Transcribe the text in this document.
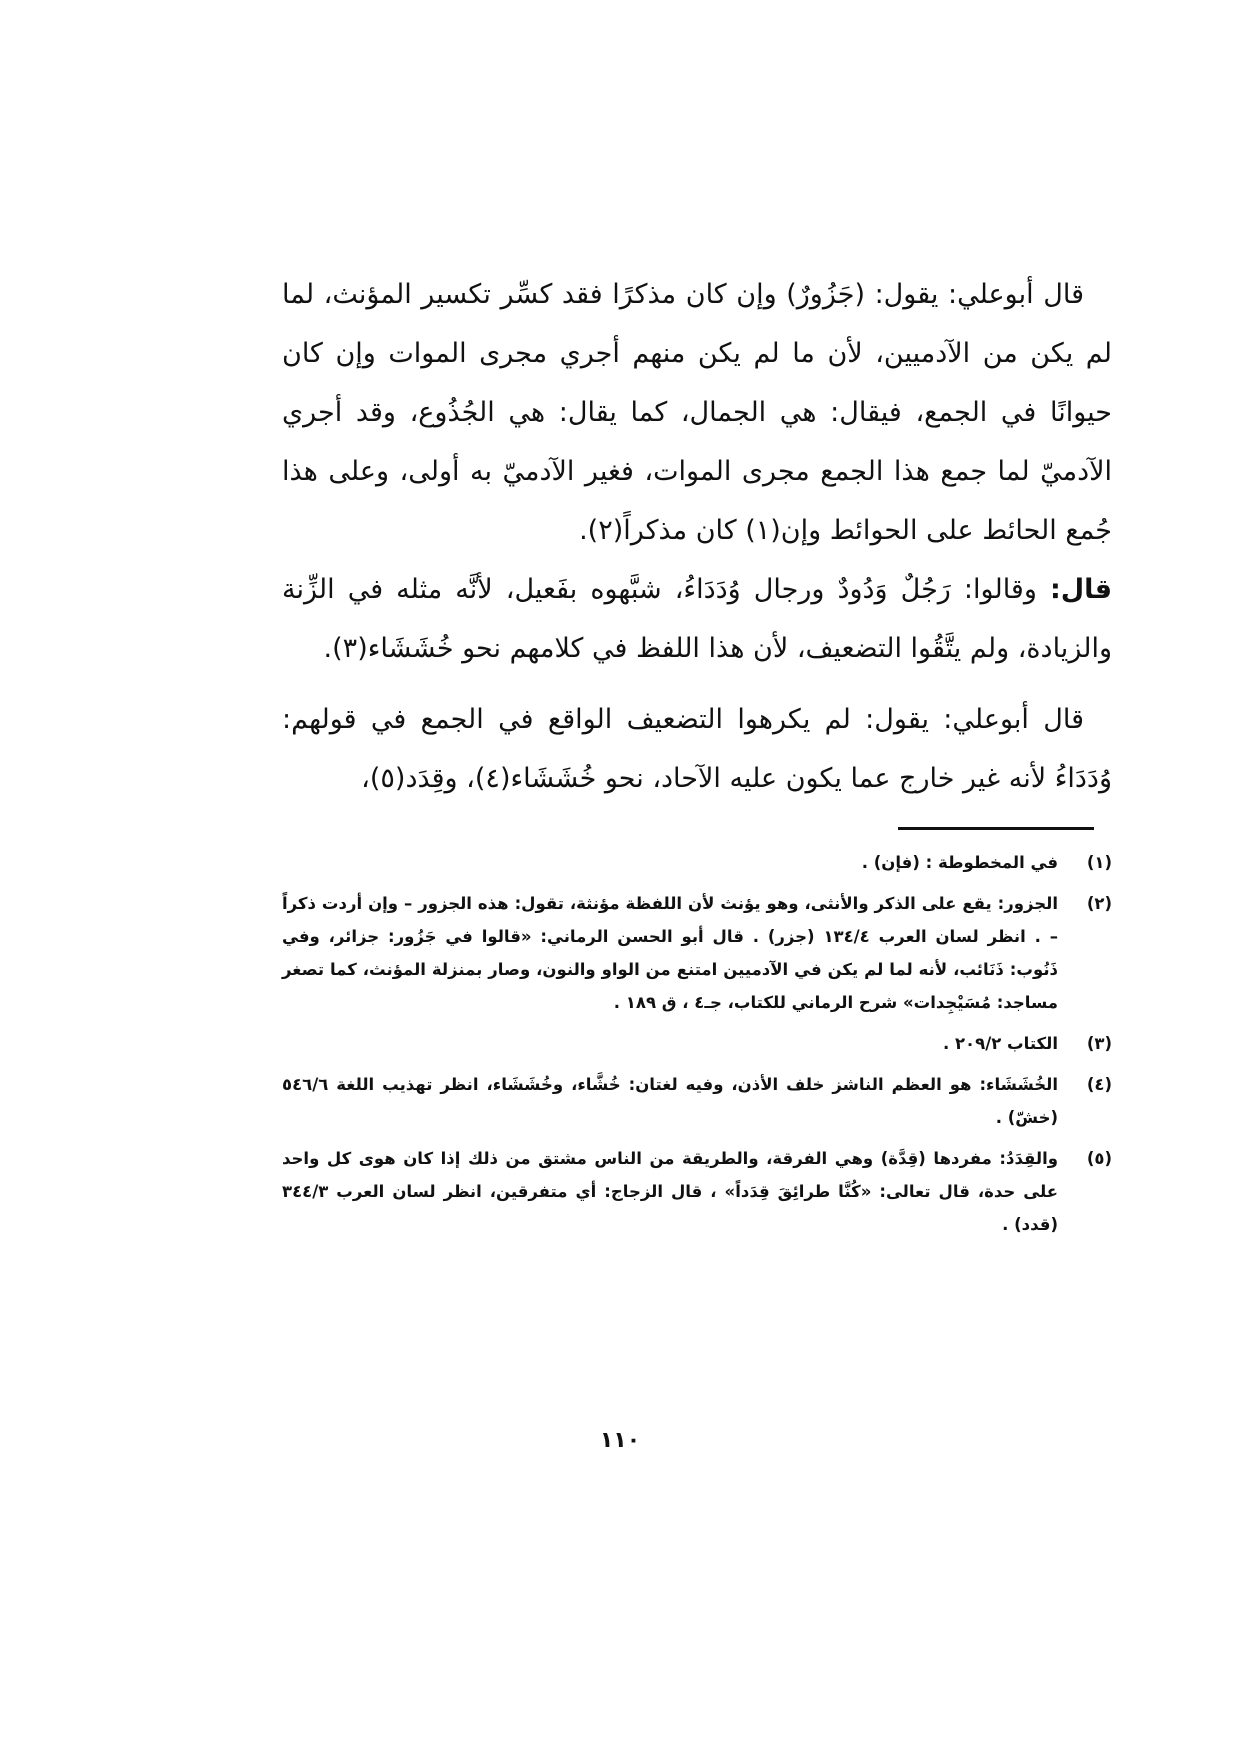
قال أبوعلي: يقول: (جَزُورٌ) وإن كان مذكرًا فقد كسِّر تكسير المؤنث، لما لم يكن من الآدميين، لأن ما لم يكن منهم أجري مجرى الموات وإن كان حيوانًا في الجمع، فيقال: هي الجمال، كما يقال: هي الجُذُوع، وقد أجري الآدميّ لما جمع هذا الجمع مجرى الموات، فغير الآدميّ به أولى، وعلى هذا جُمع الحائط على الحوائط وإن(١) كان مذكراً(٢).

قال: وقالوا: رَجُلٌ وَدُودٌ ورجال وُدَدَاءُ، شبَّهوه بفَعيل، لأنَّه مثله في الزِّنة والزيادة، ولم يتَّقُوا التضعيف، لأن هذا اللفظ في كلامهم نحو خُشَشَاء(٣).

قال أبوعلي: يقول: لم يكرهوا التضعيف الواقع في الجمع في قولهم: وُدَدَاءُ لأنه غير خارج عما يكون عليه الآحاد، نحو خُشَشَاء(٤)، وقِدَد(٥)،

(١)
في المخطوطة : (فإن) .
(٢)
الجزور: يقع على الذكر والأنثى، وهو يؤنث لأن اللفظة مؤنثة، تقول: هذه الجزور – وإن أردت ذكراً – . انظر لسان العرب ١٣٤/٤ (جزر) . قال أبو الحسن الرماني: «قالوا في جَزُور: جزائر، وفي ذَنُوب: ذَنَائب، لأنه لما لم يكن في الآدميين امتنع من الواو والنون، وصار بمنزلة المؤنث، كما تصغر مساجد: مُسَيْجِدات» شرح الرماني للكتاب، جـ٤ ، ق ١٨٩ .
(٣)
الكتاب ٢٠٩/٢ .
(٤)
الخُشَشَاء: هو العظم الناشز خلف الأذن، وفيه لغتان: خُشَّاء، وخُشَشَاء، انظر تهذيب اللغة ٥٤٦/٦ (خشّ) .
(٥)
والقِدَدُ: مفردها (قِدَّة) وهي الفرقة، والطريقة من الناس مشتق من ذلك إذا كان هوى كل واحد على حدة، قال تعالى: «كُنَّا طرائِقَ قِدَداً» ، قال الزجاج: أي متفرقين، انظر لسان العرب ٣٤٤/٣ (قدد) .
١١٠
